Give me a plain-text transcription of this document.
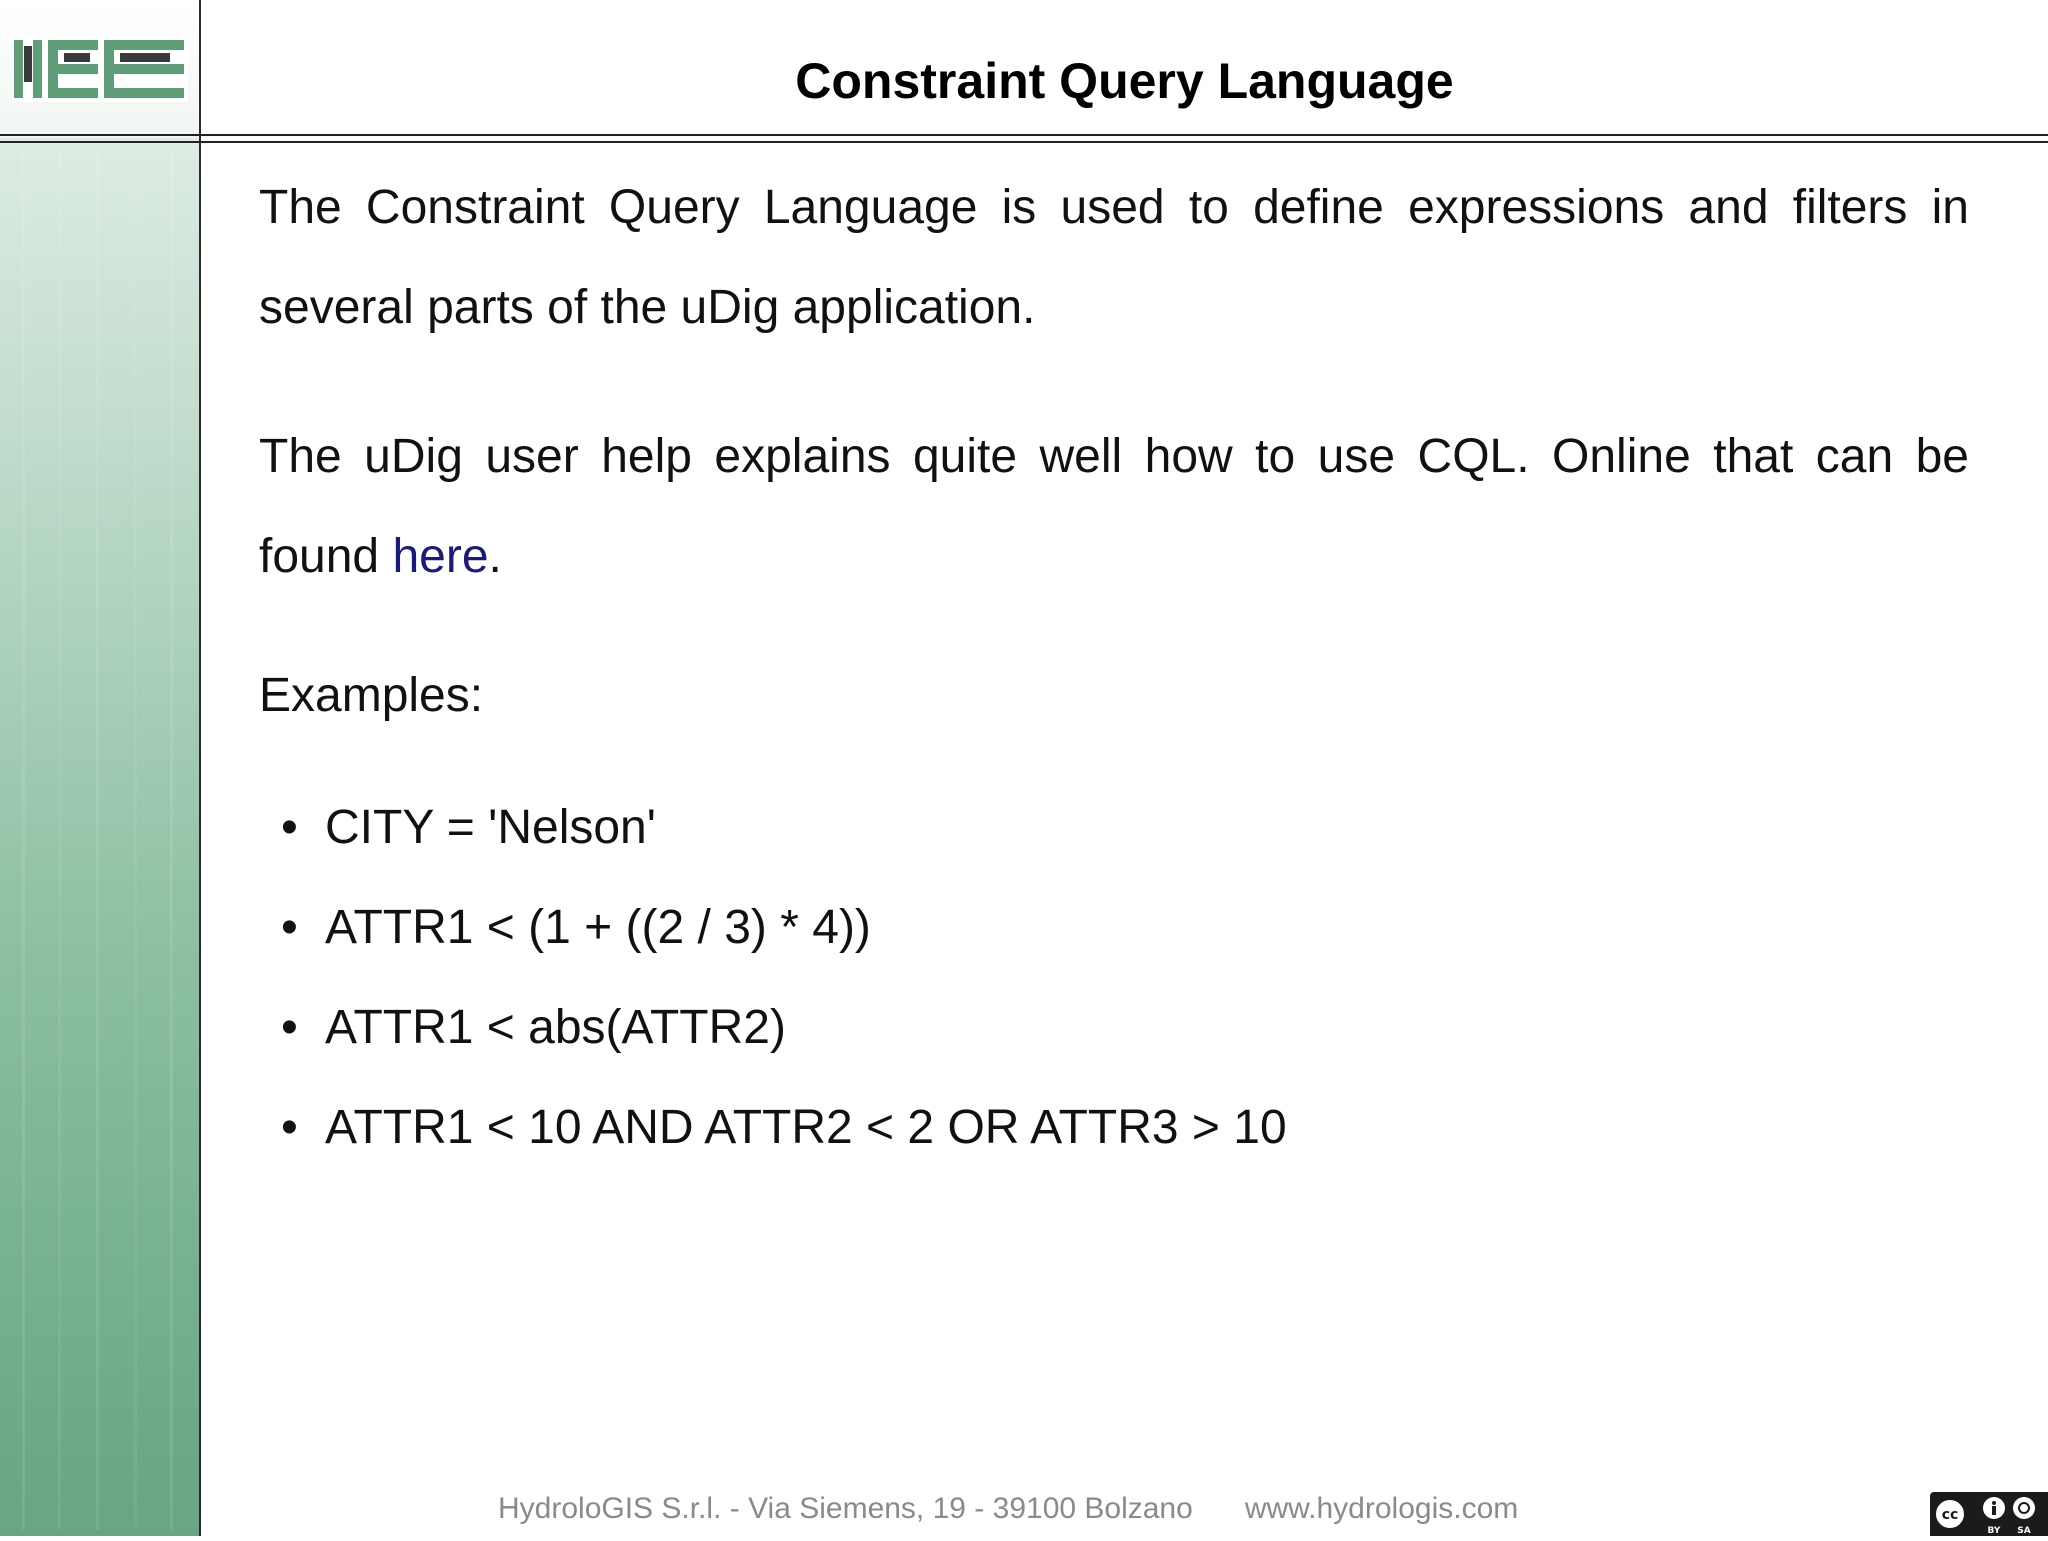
Constraint Query Language

The Constraint Query Language is used to define expressions and filters in several parts of the uDig application.

The uDig user help explains quite well how to use CQL. Online that can be found here.

Examples:

• CITY = 'Nelson'
• ATTR1 < (1 + ((2 / 3) * 4))
• ATTR1 < abs(ATTR2)
• ATTR1 < 10 AND ATTR2 < 2 OR ATTR3 > 10
HydroloGIS S.r.l. - Via Siemens, 19 - 39100 Bolzano www.hydrologis.com	cc
BY SA
